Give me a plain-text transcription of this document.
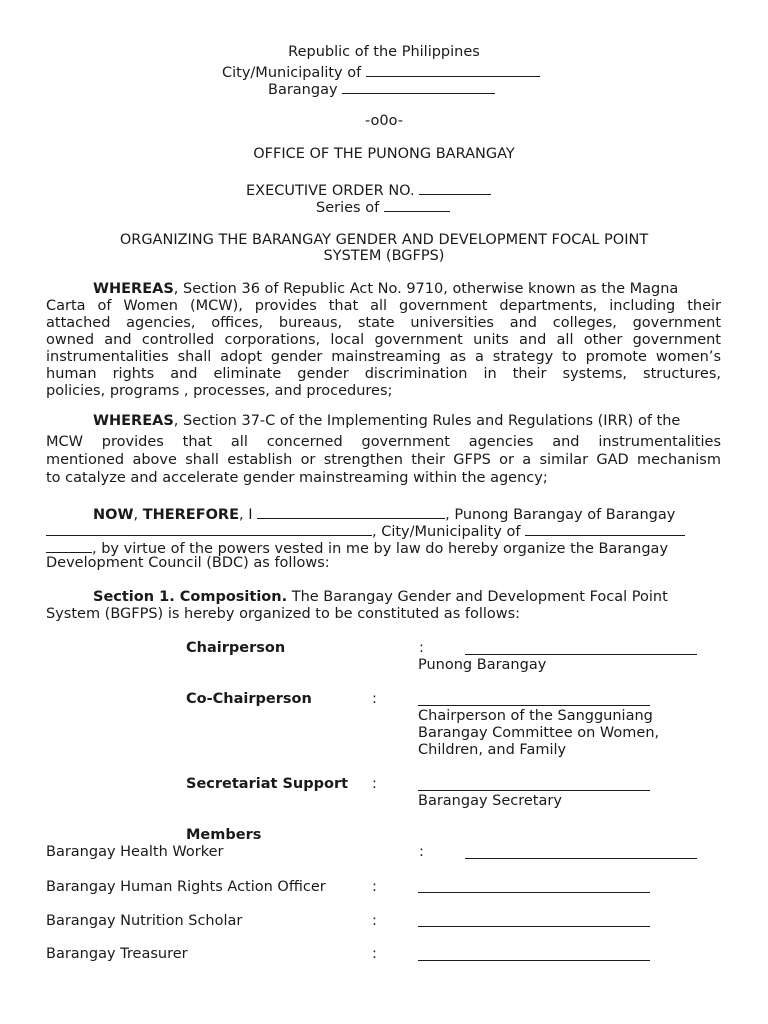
Republic of the Philippines
City/Municipality of
Barangay
-o0o-
OFFICE OF THE PUNONG BARANGAY
EXECUTIVE ORDER NO.
Series of
ORGANIZING THE BARANGAY GENDER AND DEVELOPMENT FOCAL POINT
SYSTEM (BGFPS)
WHEREAS, Section 36 of Republic Act No. 9710, otherwise known as the Magna
Carta of Women (MCW), provides that all government departments, including their
attached agencies, offices, bureaus, state universities and colleges, government
owned and controlled corporations, local government units and all other government
instrumentalities shall adopt gender mainstreaming as a strategy to promote women’s
human rights and eliminate gender discrimination in their systems, structures,
policies, programs , processes, and procedures;
WHEREAS, Section 37-C of the Implementing Rules and Regulations (IRR) of the
MCW provides that all concerned government agencies and instrumentalities
mentioned above shall establish or strengthen their GFPS or a similar GAD mechanism
to catalyze and accelerate gender mainstreaming within the agency;
NOW, THEREFORE, I	, Punong Barangay of Barangay
, City/Municipality of
, by virtue of the powers vested in me by law do hereby organize the Barangay
Development Council (BDC) as follows:
Section 1. Composition. The Barangay Gender and Development Focal Point
System (BGFPS) is hereby organized to be constituted as follows:
Chairperson	:
Punong Barangay
Co-Chairperson	:
Chairperson of the Sangguniang
Barangay Committee on Women,
Children, and Family
Secretariat Support :
Barangay Secretary
Members
Barangay Health Worker	:
Barangay Human Rights Action Officer	:
Barangay Nutrition Scholar	:
Barangay Treasurer	:
